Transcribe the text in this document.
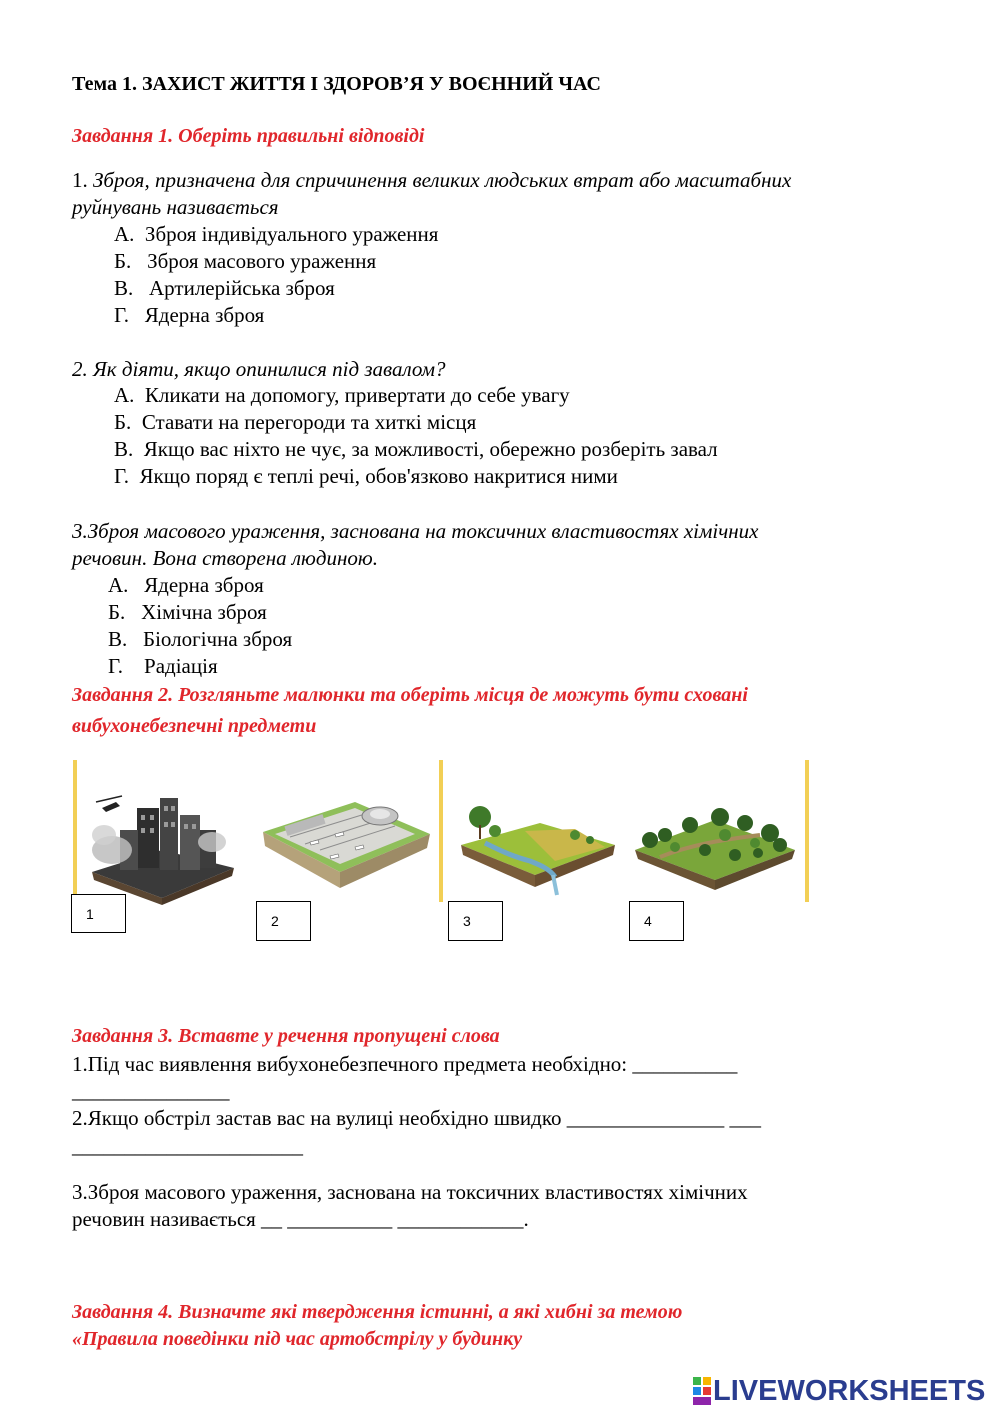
Тема 1. ЗАХИСТ ЖИТТЯ І ЗДОРОВ’Я У ВОЄННИЙ ЧАС
Завдання 1. Оберіть правильні відповіді
1. Зброя, призначена для спричинення великих людських втрат або масштабних
руйнувань називається
А. Зброя індивідуального ураження
Б. Зброя масового ураження
В. Артилерійська зброя
Г. Ядерна зброя
2. Як діяти, якщо опинилися під завалом?
А. Кликати на допомогу, привертати до себе увагу
Б. Ставати на перегороди та хиткі місця
В. Якщо вас ніхто не чує, за можливості, обережно розберіть завал
Г. Якщо поряд є теплі речі, обов'язково накритися ними
3.Зброя масового ураження, заснована на токсичних властивостях хімічних
речовин. Вона створена людиною.
А. Ядерна зброя
Б. Хімічна зброя
В. Біологічна зброя
Г. Радіація
Завдання 2. Розгляньте малюнки та оберіть місця де можуть бути сховані
вибухонебезпечні предмети
1	2	3	4
Завдання 3. Вставте у речення пропущені слова
1.Під час виявлення вибухонебезпечного предмета необхідно: __________
_______________
2.Якщо обстріл застав вас на вулиці необхідно швидко _______________ ___
______________________
3.Зброя масового ураження, заснована на токсичних властивостях хімічних
речовин називається __ __________ ____________.
Завдання 4. Визначте які твердження істинні, а які хибні за темою
«Правила поведінки під час артобстрілу у будинку
LIVEWORKSHEETS
